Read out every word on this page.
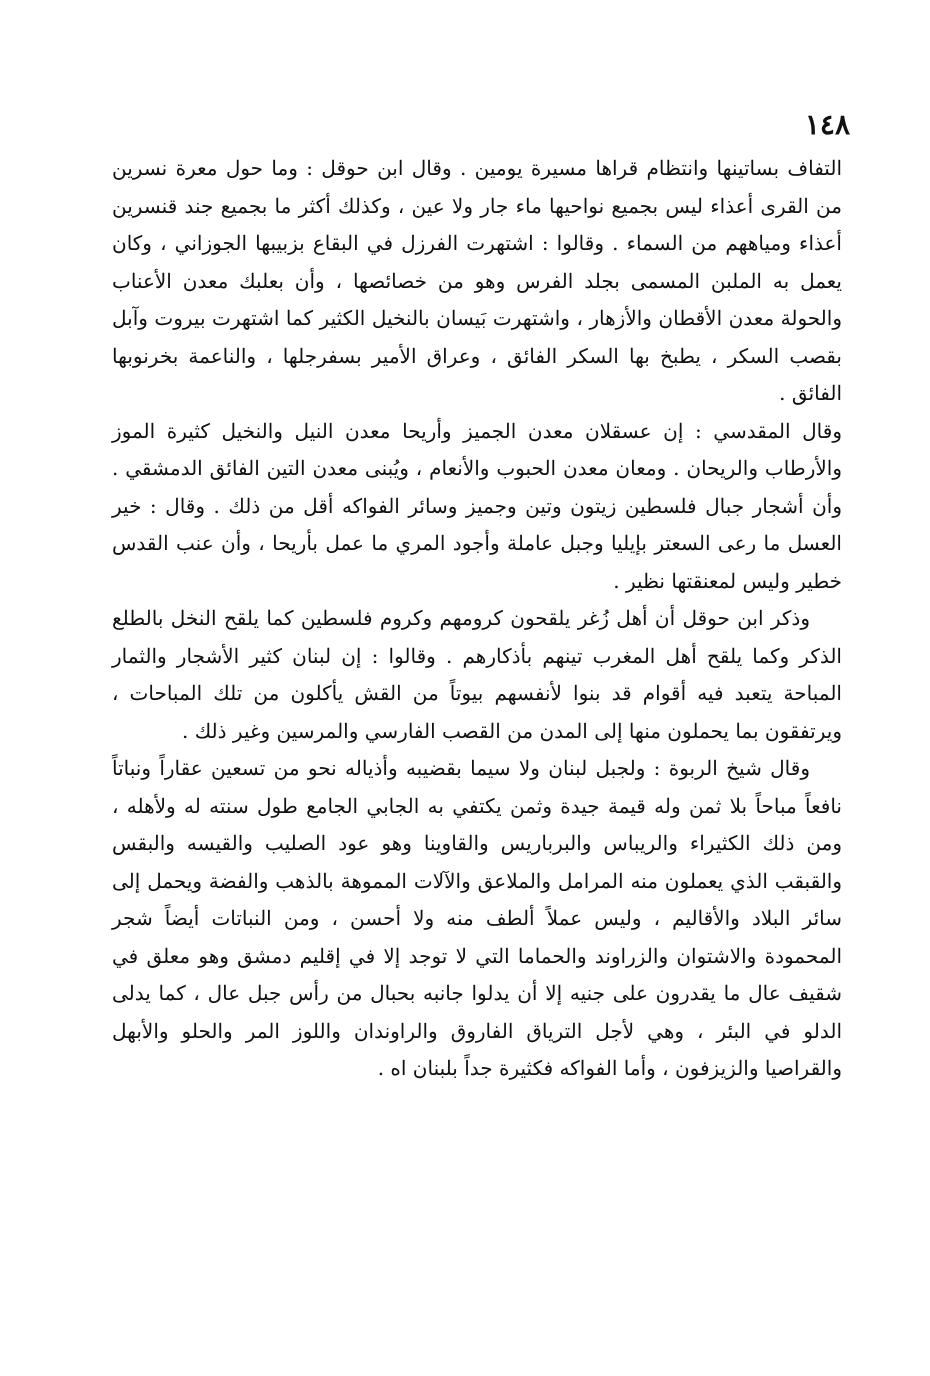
١٤٨

التفاف بساتينها وانتظام قراها مسيرة يومين . وقال ابن حوقل : وما حول معرة نسرين من القرى أعذاء ليس بجميع نواحيها ماء جار ولا عين ، وكذلك أكثر ما بجميع جند قنسرين أعذاء ومياههم من السماء . وقالوا : اشتهرت الفرزل في البقاع بزبيبها الجوزاني ، وكان يعمل به الملبن المسمى بجلد الفرس وهو من خصائصها ، وأن بعلبك معدن الأعناب والحولة معدن الأقطان والأزهار ، واشتهرت بَيسان بالنخيل الكثير كما اشتهرت بيروت وآبل بقصب السكر ، يطبخ بها السكر الفائق ، وعراق الأمير بسفرجلها ، والناعمة بخرنوبها الفائق .

وقال المقدسي : إن عسقلان معدن الجميز وأريحا معدن النيل والنخيل كثيرة الموز والأرطاب والريحان . ومعان معدن الحبوب والأنعام ، ويُبنى معدن التين الفائق الدمشقي . وأن أشجار جبال فلسطين زيتون وتين وجميز وسائر الفواكه أقل من ذلك . وقال : خير العسل ما رعى السعتر بإيليا وجبل عاملة وأجود المري ما عمل بأريحا ، وأن عنب القدس خطير وليس لمعنقتها نظير .

وذكر ابن حوقل أن أهل زُغر يلقحون كرومهم وكروم فلسطين كما يلقح النخل بالطلع الذكر وكما يلقح أهل المغرب تينهم بأذكارهم . وقالوا : إن لبنان كثير الأشجار والثمار المباحة يتعبد فيه أقوام قد بنوا لأنفسهم بيوتاً من القش يأكلون من تلك المباحات ، ويرتفقون بما يحملون منها إلى المدن من القصب الفارسي والمرسين وغير ذلك .

وقال شيخ الربوة : ولجبل لبنان ولا سيما بقضيبه وأذياله نحو من تسعين عقاراً ونباتاً نافعاً مباحاً بلا ثمن وله قيمة جيدة وثمن يكتفي به الجابي الجامع طول سنته له ولأهله ، ومن ذلك الكثيراء والريباس والبرباريس والقاوينا وهو عود الصليب والقيسه والبقس والقبقب الذي يعملون منه المرامل والملاعق والآلات المموهة بالذهب والفضة ويحمل إلى سائر البلاد والأقاليم ، وليس عملاً ألطف منه ولا أحسن ، ومن النباتات أيضاً شجر المحمودة والاشتوان والزراوند والحماما التي لا توجد إلا في إقليم دمشق وهو معلق في شقيف عال ما يقدرون على جنيه إلا أن يدلوا جانبه بحبال من رأس جبل عال ، كما يدلى الدلو في البئر ، وهي لأجل الترياق الفاروق والراوندان واللوز المر والحلو والأبهل والقراصيا والزيزفون ، وأما الفواكه فكثيرة جداً بلبنان اه .
